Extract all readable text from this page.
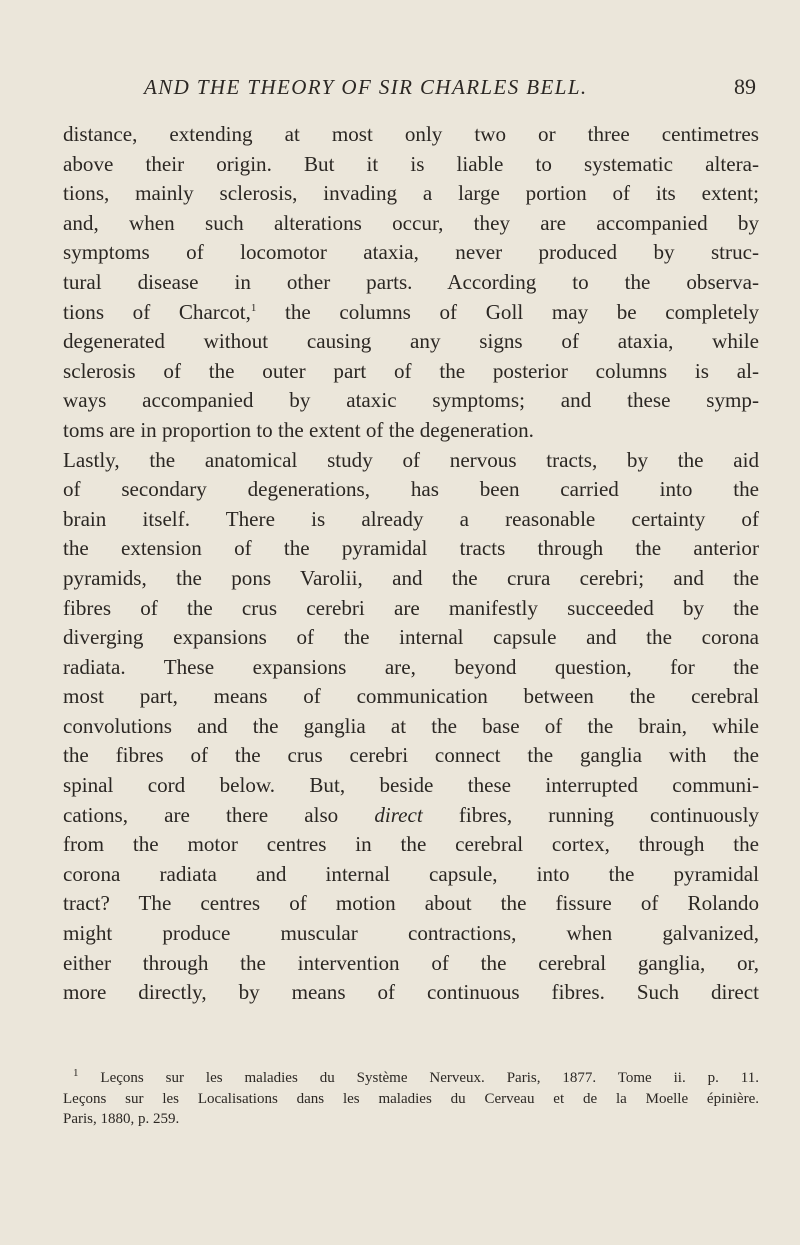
AND THE THEORY OF SIR CHARLES BELL.	89
distance, extending at most only two or three centimetres
above their origin. But it is liable to systematic altera-
tions, mainly sclerosis, invading a large portion of its extent;
and, when such alterations occur, they are accompanied by
symptoms of locomotor ataxia, never produced by struc-
tural disease in other parts. According to the observa-
tions of Charcot,$^1$ the columns of Goll may be completely
degenerated without causing any signs of ataxia, while
sclerosis of the outer part of the posterior columns is al-
ways accompanied by ataxic symptoms; and these symp-
toms are in proportion to the extent of the degeneration.
Lastly, the anatomical study of nervous tracts, by the aid
of secondary degenerations, has been carried into the
brain itself. There is already a reasonable certainty of
the extension of the pyramidal tracts through the anterior
pyramids, the pons Varolii, and the crura cerebri; and the
fibres of the crus cerebri are manifestly succeeded by the
diverging expansions of the internal capsule and the corona
radiata. These expansions are, beyond question, for the
most part, means of communication between the cerebral
convolutions and the ganglia at the base of the brain, while
the fibres of the crus cerebri connect the ganglia with the
spinal cord below. But, beside these interrupted communi-
cations, are there also direct fibres, running continuously
from the motor centres in the cerebral cortex, through the
corona radiata and internal capsule, into the pyramidal
tract? The centres of motion about the fissure of Rolando
might produce muscular contractions, when galvanized,
either through the intervention of the cerebral ganglia, or,
more directly, by means of continuous fibres. Such direct
$^1$ Leçons sur les maladies du Système Nerveux. Paris, 1877. Tome ii. p. 11.
Leçons sur les Localisations dans les maladies du Cerveau et de la Moelle épinière.
Paris, 1880, p. 259.
